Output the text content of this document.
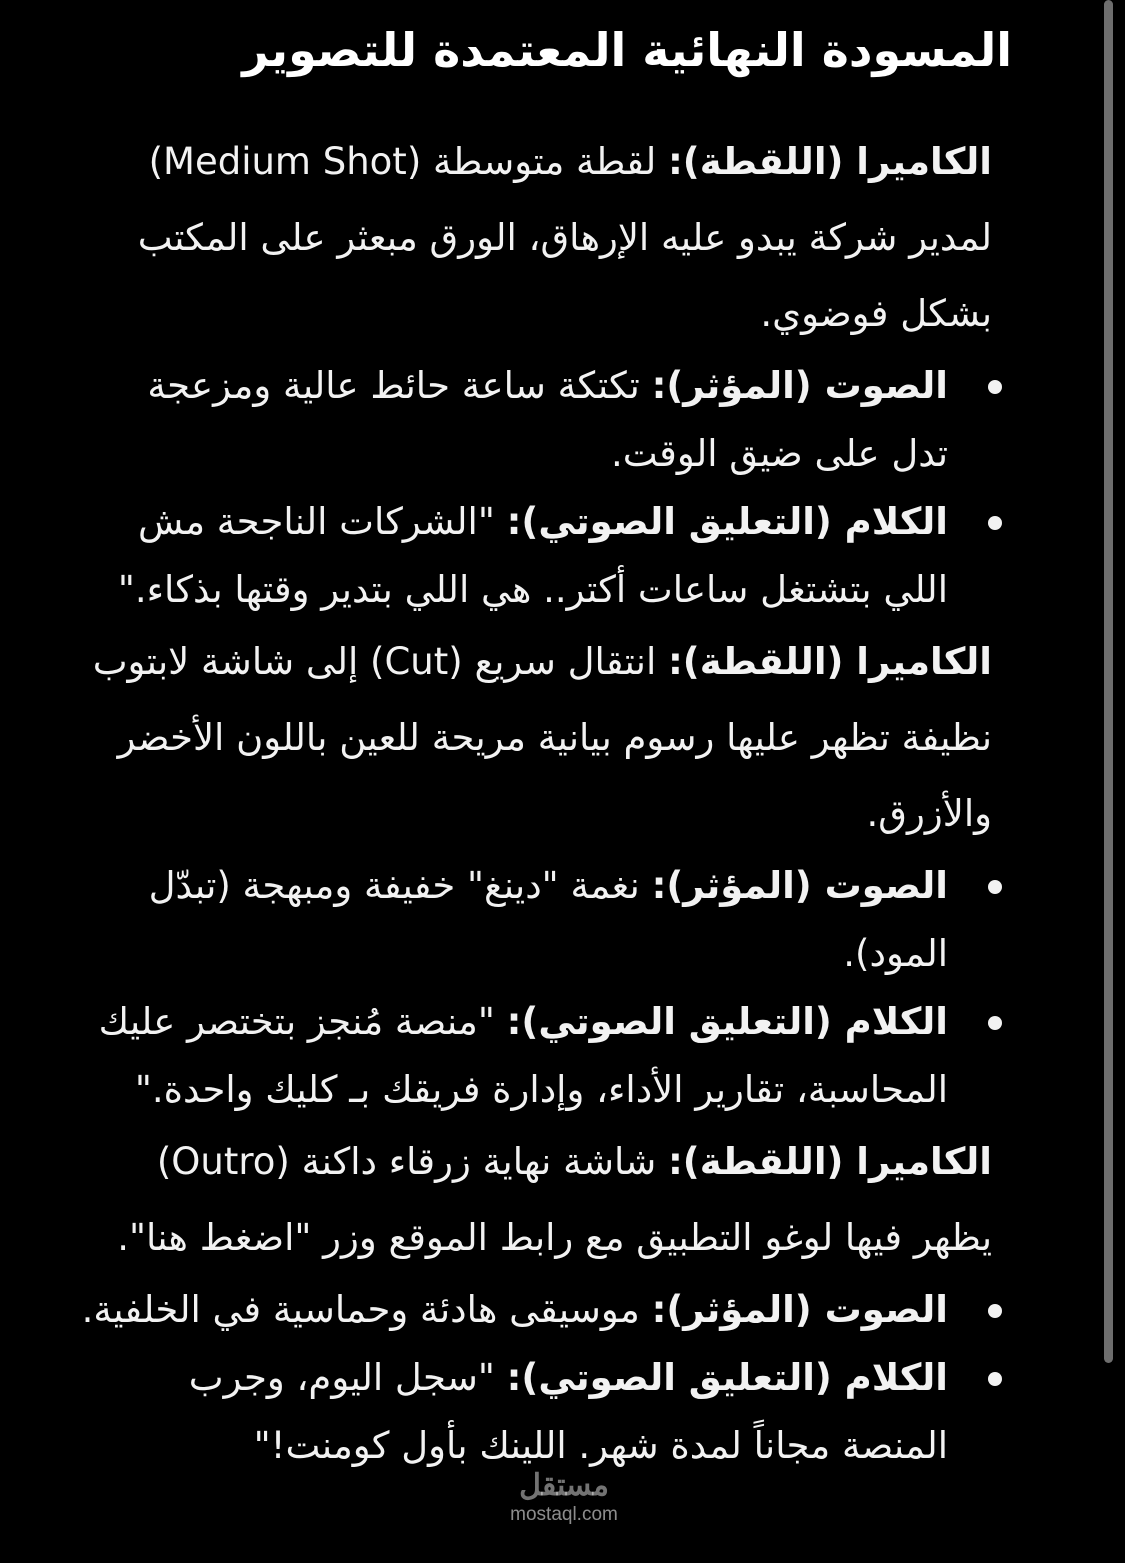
المسودة النهائية المعتمدة للتصوير

الكاميرا (اللقطة): لقطة متوسطة (Medium Shot) لمدير شركة يبدو عليه الإرهاق، الورق مبعثر على المكتب بشكل فوضوي.

الصوت (المؤثر): تكتكة ساعة حائط عالية ومزعجة تدل على ضيق الوقت.
الكلام (التعليق الصوتي): "الشركات الناجحة مش اللي بتشتغل ساعات أكتر.. هي اللي بتدير وقتها بذكاء."

الكاميرا (اللقطة): انتقال سريع (Cut) إلى شاشة لابتوب نظيفة تظهر عليها رسوم بيانية مريحة للعين باللون الأخضر والأزرق.

الصوت (المؤثر): نغمة "دينغ" خفيفة ومبهجة (تبدّل المود).
الكلام (التعليق الصوتي): "منصة مُنجز بتختصر عليك المحاسبة، تقارير الأداء، وإدارة فريقك بـ كليك واحدة."

الكاميرا (اللقطة): شاشة نهاية زرقاء داكنة (Outro) يظهر فيها لوغو التطبيق مع رابط الموقع وزر "اضغط هنا".

الصوت (المؤثر): موسيقى هادئة وحماسية في الخلفية.
الكلام (التعليق الصوتي): "سجل اليوم، وجرب المنصة مجاناً لمدة شهر. اللينك بأول كومنت!"
مستقل
mostaql.com
